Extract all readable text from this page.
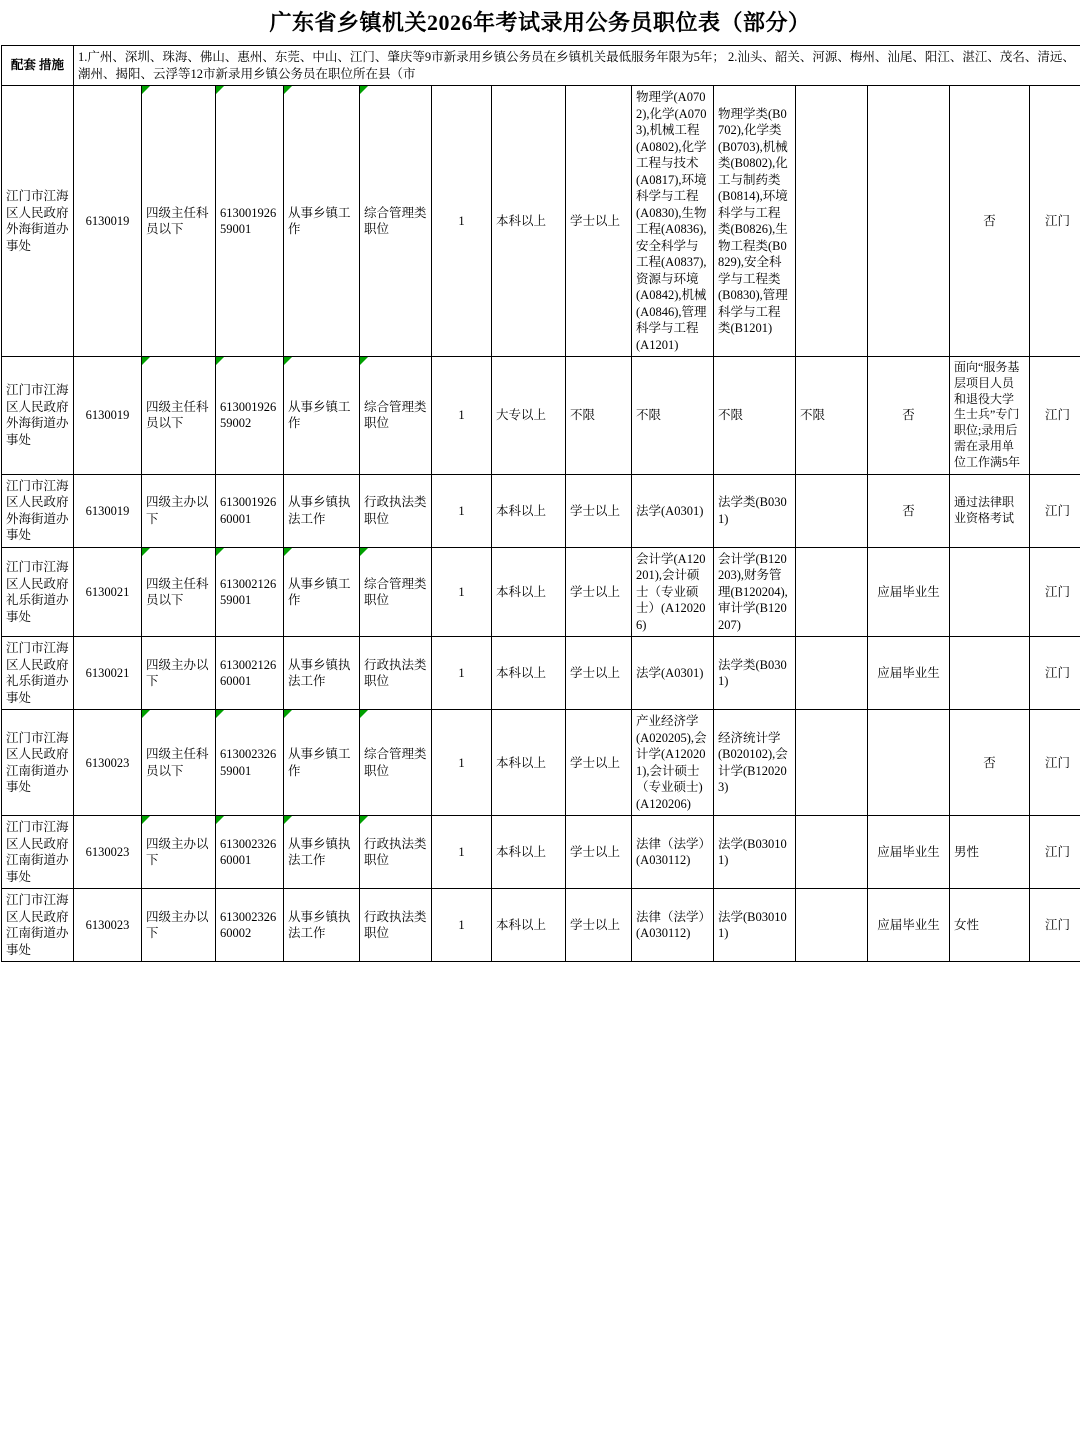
广东省乡镇机关2026年考试录用公务员职位表（部分）
配套 措施	1.广州、深圳、珠海、佛山、惠州、东莞、中山、江门、肇庆等9市新录用乡镇公务员在乡镇机关最低服务年限为5年； 2.汕头、韶关、河源、梅州、汕尾、阳江、湛江、茂名、清远、潮州、揭阳、云浮等12市新录用乡镇公务员在职位所在县（市													
江门市江海区人民政府外海街道办事处	6130019	四级主任科员以下	61300192659001	从事乡镇工作	综合管理类职位	1	本科以上	学士以上	物理学(A0702),化学(A0703),机械工程(A0802),化学工程与技术(A0817),环境科学与工程(A0830),生物工程(A0836),安全科学与工程(A0837),资源与环境(A0842),机械(A0846),管理科学与工程(A1201)	物理学类(B0702),化学类(B0703),机械类(B0802),化工与制药类(B0814),环境科学与工程类(B0826),生物工程类(B0829),安全科学与工程类(B0830),管理科学与工程类(B1201)			否	江门
江门市江海区人民政府外海街道办事处	6130019	四级主任科员以下	61300192659002	从事乡镇工作	综合管理类职位	1	大专以上	不限	不限	不限	不限	否	面向“服务基层项目人员和退役大学生士兵”专门职位;录用后需在录用单位工作满5年	江门
江门市江海区人民政府外海街道办事处	6130019	四级主办以下	61300192660001	从事乡镇执法工作	行政执法类职位	1	本科以上	学士以上	法学(A0301)	法学类(B0301)		否	通过法律职业资格考试	江门
江门市江海区人民政府礼乐街道办事处	6130021	四级主任科员以下	61300212659001	从事乡镇工作	综合管理类职位	1	本科以上	学士以上	会计学(A120201),会计硕士（专业硕士）(A120206)	会计学(B120203),财务管理(B120204),审计学(B120207)		应届毕业生		江门
江门市江海区人民政府礼乐街道办事处	6130021	四级主办以下	61300212660001	从事乡镇执法工作	行政执法类职位	1	本科以上	学士以上	法学(A0301)	法学类(B0301)		应届毕业生		江门
江门市江海区人民政府江南街道办事处	6130023	四级主任科员以下	61300232659001	从事乡镇工作	综合管理类职位	1	本科以上	学士以上	产业经济学(A020205),会计学(A120201),会计硕士（专业硕士)(A120206)	经济统计学(B020102),会计学(B120203)			否	江门
江门市江海区人民政府江南街道办事处	6130023	四级主办以下	61300232660001	从事乡镇执法工作	行政执法类职位	1	本科以上	学士以上	法律（法学）(A030112)	法学(B030101)		应届毕业生	男性	江门
江门市江海区人民政府江南街道办事处	6130023	四级主办以下	61300232660002	从事乡镇执法工作	行政执法类职位	1	本科以上	学士以上	法律（法学）(A030112)	法学(B030101)		应届毕业生	女性	江门
